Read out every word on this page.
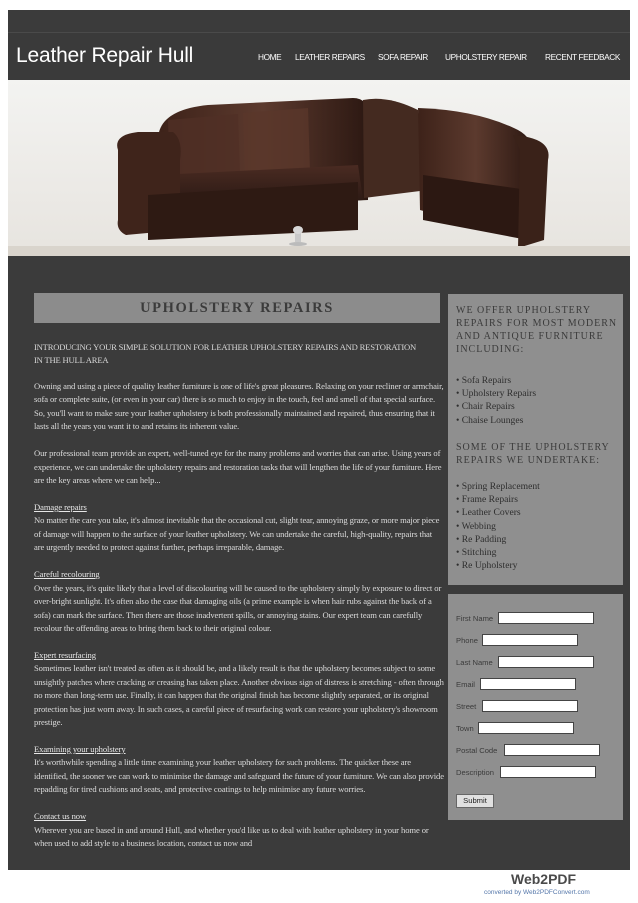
Leather Repair Hull	HOME LEATHER REPAIRS SOFA REPAIR UPHOLSTERY REPAIR RECENT FEEDBACK
UPHOLSTERY REPAIRS
INTRODUCING YOUR SIMPLE SOLUTION FOR LEATHER UPHOLSTERY REPAIRS AND RESTORATION
IN THE HULL AREA

Owning and using a piece of quality leather furniture is one of life's great pleasures. Relaxing on your recliner or armchair, sofa or complete suite, (or even in your car) there is so much to enjoy in the touch, feel and smell of that special surface. So, you'll want to make sure your leather upholstery is both professionally maintained and repaired, thus ensuring that it lasts all the years you want it to and retains its inherent value.

Our professional team provide an expert, well-tuned eye for the many problems and worries that can arise. Using years of experience, we can undertake the upholstery repairs and restoration tasks that will lengthen the life of your furniture. Here are the key areas where we can help...

Damage repairs
No matter the care you take, it's almost inevitable that the occasional cut, slight tear, annoying graze, or more major piece of damage will happen to the surface of your leather upholstery. We can undertake the careful, high-quality, repairs that are urgently needed to protect against further, perhaps irreparable, damage.

Careful recolouring
Over the years, it's quite likely that a level of discolouring will be caused to the upholstery simply by exposure to direct or over-bright sunlight. It's often also the case that damaging oils (a prime example is when hair rubs against the back of a sofa) can mark the surface. Then there are those inadvertent spills, or annoying stains. Our expert team can carefully recolour the offending areas to bring them back to their original colour.

Expert resurfacing
Sometimes leather isn't treated as often as it should be, and a likely result is that the upholstery becomes subject to some unsightly patches where cracking or creasing has taken place. Another obvious sign of distress is stretching - often through no more than long-term use. Finally, it can happen that the original finish has become slightly separated, or its original protection has just worn away. In such cases, a careful piece of resurfacing work can restore your upholstery's showroom prestige.

Examining your upholstery
It's worthwhile spending a little time examining your leather upholstery for such problems. The quicker these are identified, the sooner we can work to minimise the damage and safeguard the future of your furniture. We can also provide repadding for tired cushions and seats, and protective coatings to help minimise any future worries.

Contact us now
Wherever you are based in and around Hull, and whether you'd like us to deal with leather upholstery in your home or when used to add style to a business location, contact us now and

WE OFFER UPHOLSTERY REPAIRS FOR MOST MODERN AND ANTIQUE FURNITURE INCLUDING:
• Sofa Repairs
• Upholstery Repairs
• Chair Repairs
• Chaise Lounges
SOME OF THE UPHOLSTERY REPAIRS WE UNDERTAKE:
• Spring Replacement
• Frame Repairs
• Leather Covers
• Webbing
• Re Padding
• Stitching
• Re Upholstery
First Name
Phone
Last Name
Email
Street
Town
Postal Code
Description
Submit
Web2PDF
converted by Web2PDFConvert.com
